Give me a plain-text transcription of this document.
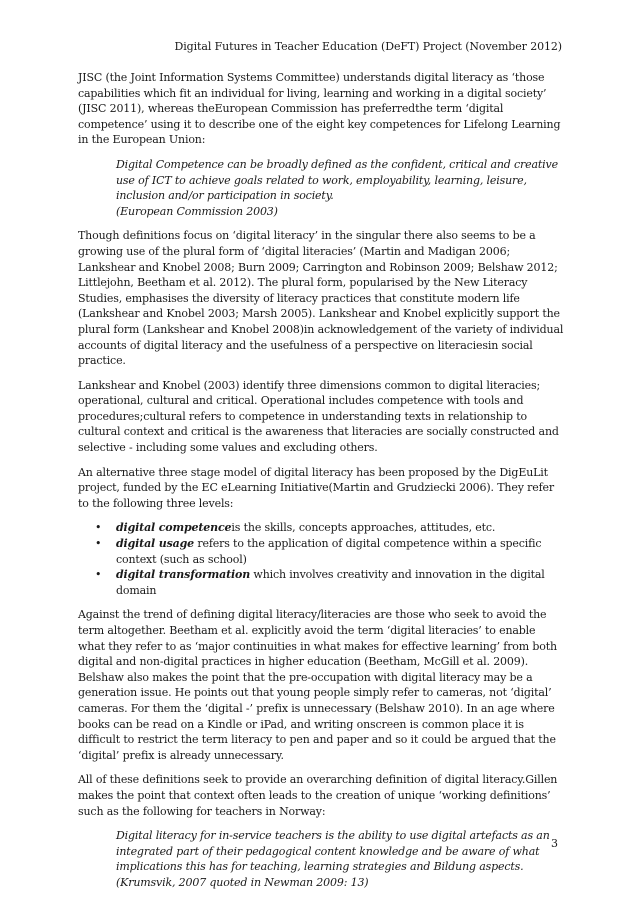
Digital Futures in Teacher Education (DeFT) Project (November 2012)

JISC (the Joint Information Systems Committee) understands digital literacy as ‘those capabilities which fit an individual for living, learning and working in a digital society’ (JISC 2011), whereas theEuropean Commission has preferredthe term ‘digital competence’ using it to describe one of the eight key competences for Lifelong Learning in the European Union:

Digital Competence can be broadly defined as the confident, critical and creative use of ICT to achieve goals related to work, employability, learning, leisure, inclusion and/or participation in society.
(European Commission 2003)

Though definitions focus on ‘digital literacy’ in the singular there also seems to be a growing use of the plural form of ‘digital literacies’ (Martin and Madigan 2006; Lankshear and Knobel 2008; Burn 2009; Carrington and Robinson 2009; Belshaw 2012; Littlejohn, Beetham et al. 2012). The plural form, popularised by the New Literacy Studies, emphasises the diversity of literacy practices that constitute modern life (Lankshear and Knobel 2003; Marsh 2005). Lankshear and Knobel explicitly support the plural form (Lankshear and Knobel 2008)in acknowledgement of the variety of individual accounts of digital literacy and the usefulness of a perspective on literaciesin social practice.

Lankshear and Knobel (2003) identify three dimensions common to digital literacies; operational, cultural and critical. Operational includes competence with tools and procedures;cultural refers to competence in understanding texts in relationship to cultural context and critical is the awareness that literacies are socially constructed and selective - including some values and excluding others.

An alternative three stage model of digital literacy has been proposed by the DigEuLit project, funded by the EC eLearning Initiative(Martin and Grudziecki 2006). They refer to the following three levels:

• digital competenceis the skills, concepts approaches, attitudes, etc.
• digital usage refers to the application of digital competence within a specific context (such as school)
• digital transformation which involves creativity and innovation in the digital domain

Against the trend of defining digital literacy/literacies are those who seek to avoid the term altogether. Beetham et al. explicitly avoid the term ‘digital literacies’ to enable what they refer to as ‘major continuities in what makes for effective learning’ from both digital and non-digital practices in higher education (Beetham, McGill et al. 2009). Belshaw also makes the point that the pre-occupation with digital literacy may be a generation issue. He points out that young people simply refer to cameras, not ‘digital’ cameras. For them the ‘digital -’ prefix is unnecessary (Belshaw 2010). In an age where books can be read on a Kindle or iPad, and writing onscreen is common place it is difficult to restrict the term literacy to pen and paper and so it could be argued that the ‘digital’ prefix is already unnecessary.

All of these definitions seek to provide an overarching definition of digital literacy.Gillen makes the point that context often leads to the creation of unique ‘working definitions’ such as the following for teachers in Norway:

Digital literacy for in-service teachers is the ability to use digital artefacts as an integrated part of their pedagogical content knowledge and be aware of what implications this has for teaching, learning strategies and Bildung aspects.
(Krumsvik, 2007 quoted in Newman 2009: 13)
3
